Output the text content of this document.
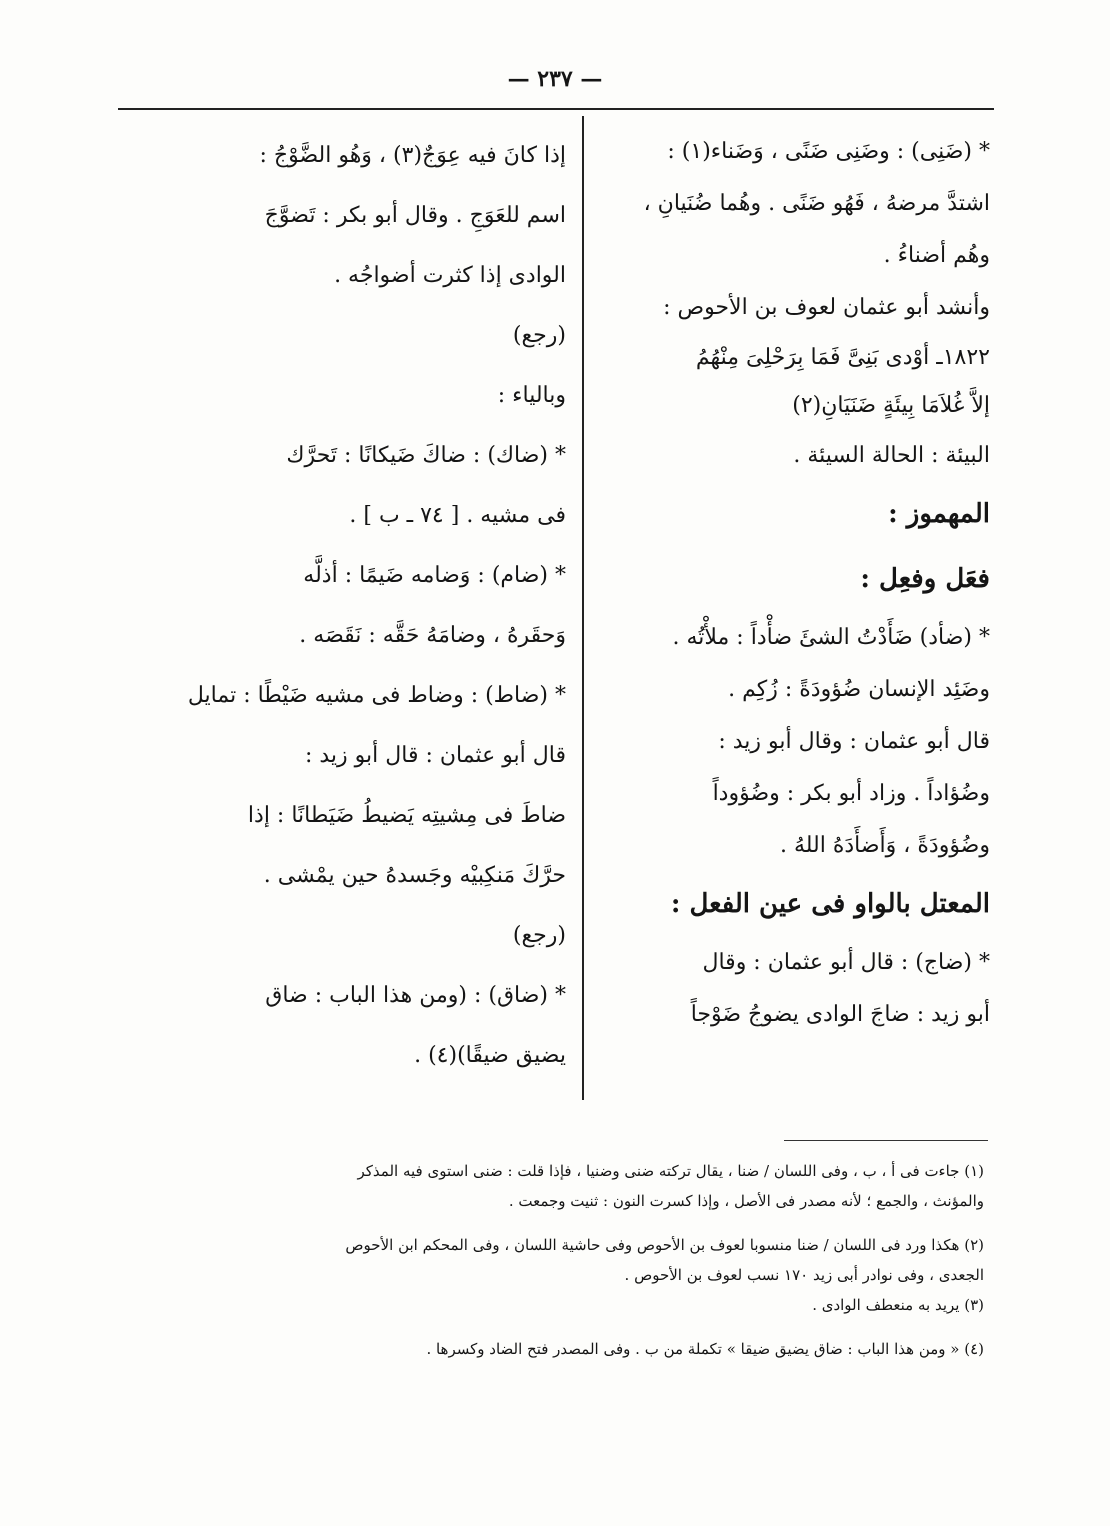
— ٢٣٧ —
* (ضَنِى) : وضَنِى ضَنًى ، وَضَناء(١) :
اشتدَّ مرضهُ ، فَهُو ضَنًى . وهُما ضُنَيانِ ،
وهُم أضناءُ .
وأنشد أبو عثمان لعوف بن الأحوص :
١٨٢٢ـ أوْدى بَنِىَّ فَمَا بِرَحْلِىَ مِنْهُمُ
إلاَّ غُلاَمَا بِيئَةٍ ضَنَيَانِ(٢)
البيئة : الحالة السيئة .
المهموز :
فعَل وفعِل :
* (ضأد) ضَأَدْتُ الشئَ ضأْداً : ملأْتُه .
وضَئِد الإنسان ضُؤودَةً : زُكِم .
قال أبو عثمان : وقال أبو زيد :
وضُؤاداً . وزاد أبو بكر : وضُؤوداً
وضُؤودَةً ، وَأَضأَدَهُ اللهُ .
المعتل بالواو فى عين الفعل :
* (ضاج) : قال أبو عثمان : وقال
أبو زيد : ضاجَ الوادى يضوجُ ضَوْجاً
إذا كانَ فيه عِوَجٌ(٣) ، وَهُو الضَّوْجُ :
اسم للعَوَجِ . وقال أبو بكر : تَضوَّجَ
الوادى إذا كثرت أضواجُه .
(رجع)
وبالياء :
* (ضاك) : ضاكَ ضَيكانًا : تَحرَّك
فى مشيه . [ ٧٤ ـ ب ] .
* (ضام) : وَضامه ضَيمًا : أذلَّه
وَحقَرهُ ، وضامَهُ حَقَّه : نَقَصَه .
* (ضاط) : وضاط فى مشيه ضَيْطًا : تمايل
قال أبو عثمان : قال أبو زيد :
ضاطَ فى مِشيتِه يَضيطُ ضَيَطانًا : إذا
حرَّكَ مَنكِبيْه وجَسدهُ حين يمْشى .
(رجع)
* (ضاق) : (ومن هذا الباب : ضاق
يضيق ضيقًا)(٤) .
(١) جاءت فى أ ، ب ، وفى اللسان / ضنا ، يقال تركته ضنى وضنيا ، فإذا قلت : ضنى استوى فيه المذكر
والمؤنث ، والجمع ؛ لأنه مصدر فى الأصل ، وإذا كسرت النون : ثنيت وجمعت .
(٢) هكذا ورد فى اللسان / ضنا منسوبا لعوف بن الأحوص وفى حاشية اللسان ، وفى المحكم ابن الأحوص
الجعدى ، وفى نوادر أبى زيد ١٧٠ نسب لعوف بن الأحوص .
(٣) يريد به منعطف الوادى .
(٤) « ومن هذا الباب : ضاق يضيق ضيقا » تكملة من ب . وفى المصدر فتح الضاد وكسرها .
